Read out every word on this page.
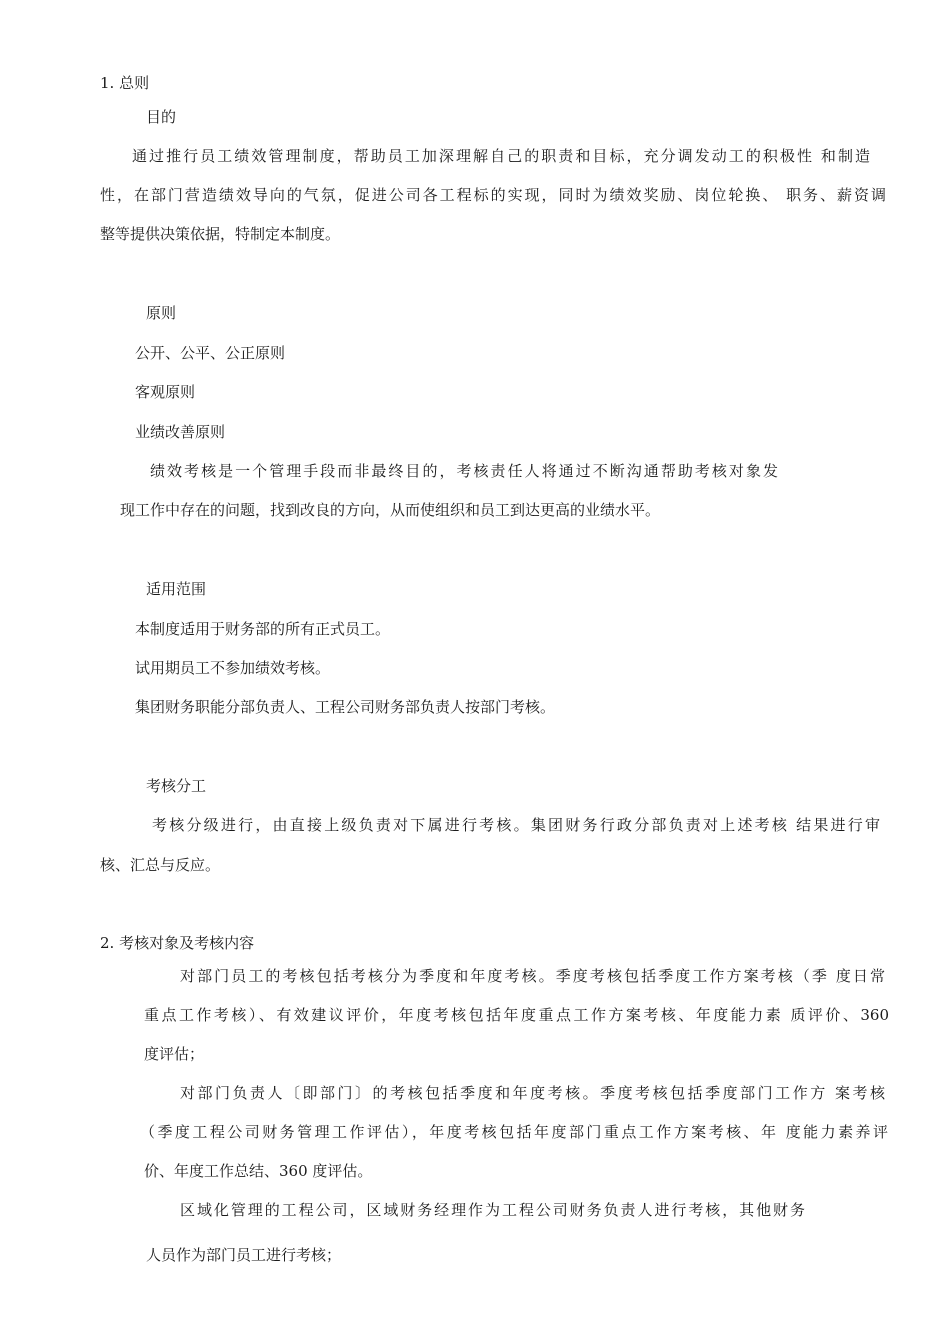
1. 总则
目的
通过推行员工绩效管理制度，帮助员工加深理解自己的职责和目标，充分调发动工的积极性 和制造
性，在部门营造绩效导向的气氛，促进公司各工程标的实现，同时为绩效奖励、岗位轮换、 职务、薪资调
整等提供决策依据，特制定本制度。
原则
公开、公平、公正原则
客观原则
业绩改善原则
绩效考核是一个管理手段而非最终目的，考核责任人将通过不断沟通帮助考核对象发
现工作中存在的问题，找到改良的方向，从而使组织和员工到达更高的业绩水平。
适用范围
本制度适用于财务部的所有正式员工。
试用期员工不参加绩效考核。
集团财务职能分部负责人、工程公司财务部负责人按部门考核。
考核分工
考核分级进行，由直接上级负责对下属进行考核。集团财务行政分部负责对上述考核 结果进行审
核、汇总与反应。
2. 考核对象及考核内容
对部门员工的考核包括考核分为季度和年度考核。季度考核包括季度工作方案考核（季 度日常
重点工作考核）、有效建议评价，年度考核包括年度重点工作方案考核、年度能力素 质评价、360
度评估；
对部门负责人〔即部门〕的考核包括季度和年度考核。季度考核包括季度部门工作方 案考核
（季度工程公司财务管理工作评估），年度考核包括年度部门重点工作方案考核、年 度能力素养评
价、年度工作总结、360 度评估。
区域化管理的工程公司，区域财务经理作为工程公司财务负责人进行考核，其他财务
人员作为部门员工进行考核；
